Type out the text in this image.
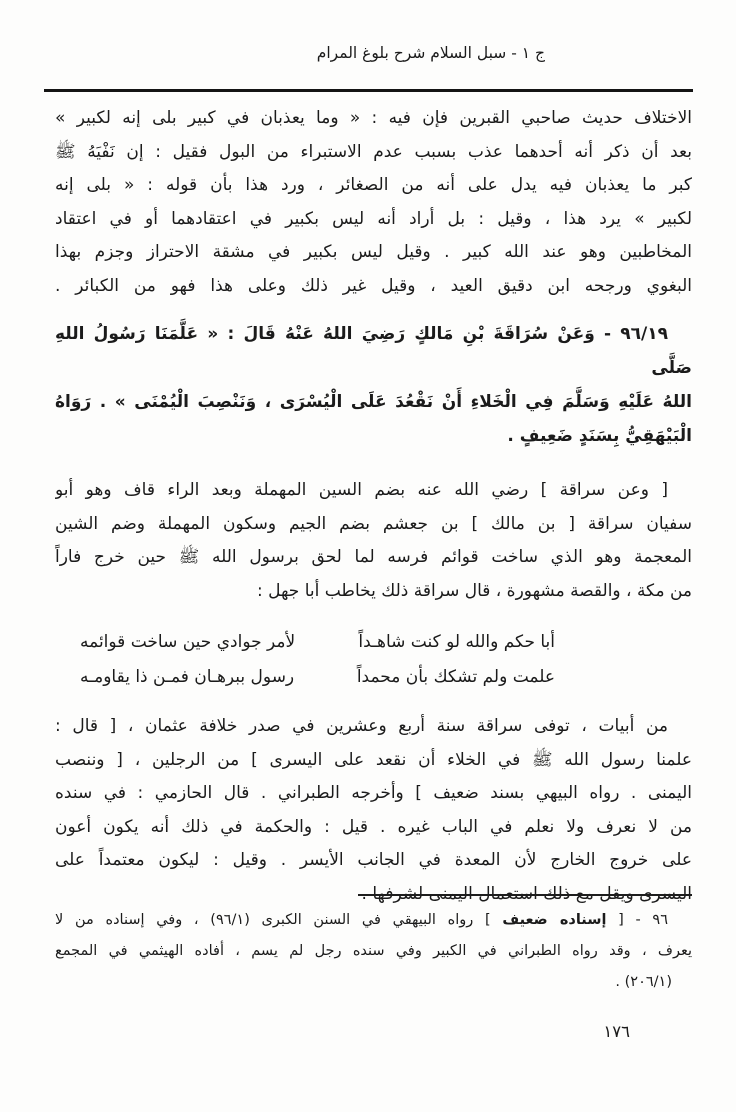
ج ١ - سبل السلام شرح بلوغ المرام
الاختلاف حديث صاحبي القبرين فإن فيه : « وما يعذبان في كبير بلى إنه لكبير »
بعد أن ذكر أنه أحدهما عذب بسبب عدم الاستبراء من البول فقيل : إن نَفْيَهُ ﷺ
كبر ما يعذبان فيه يدل على أنه من الصغائر ، ورد هذا بأن قوله : « بلى إنه
لكبير » يرد هذا ، وقيل : بل أراد أنه ليس بكبير في اعتقادهما أو في اعتقاد
المخاطبين وهو عند الله كبير . وقيل ليس بكبير في مشقة الاحتراز وجزم بهذا
البغوي ورجحه ابن دقيق العيد ، وقيل غير ذلك وعلى هذا فهو من الكبائر .
٩٦/١٩ - وَعَنْ سُرَاقَةَ بْنِ مَالكٍ رَضِيَ اللهُ عَنْهُ قَالَ : « عَلَّمَنَا رَسُولُ اللهِ صَلَّى
اللهُ عَلَيْهِ وَسَلَّمَ فِي الْخَلاءِ أَنْ نَقْعُدَ عَلَى الْيُسْرَى ، وَنَنْصِبَ الْيُمْنَى » . رَوَاهُ
الْبَيْهَقِيُّ بِسَنَدٍ ضَعِيفٍ .
[ وعن سراقة ] رضي الله عنه بضم السين المهملة وبعد الراء قاف وهو أبو
سفيان سراقة [ بن مالك ] بن جعشم بضم الجيم وسكون المهملة وضم الشين
المعجمة وهو الذي ساخت قوائم فرسه لما لحق برسول الله ﷺ حين خرج فاراً
من مكة ، والقصة مشهورة ، قال سراقة ذلك يخاطب أبا جهل :
أبا حكم والله لو كنت شاهـداً
لأمر جوادي حين ساخت قوائمه
علمت ولم تشكك بأن محمداً
رسول ببرهـان فمـن ذا يقاومـه
من أبيات ، توفى سراقة سنة أربع وعشرين في صدر خلافة عثمان ، [ قال :
علمنا رسول الله ﷺ في الخلاء أن نقعد على اليسرى ] من الرجلين ، [ وننصب
اليمنى . رواه البيهي بسند ضعيف ] وأخرجه الطبراني . قال الحازمي : في سنده
من لا نعرف ولا نعلم في الباب غيره . قيل : والحكمة في ذلك أنه يكون أعون
على خروج الخارج لأن المعدة في الجانب الأيسر . وقيل : ليكون معتمداً على
اليسرى ويقل مع ذلك استعمال اليمنى لشرفها .
٩٦ - [ إسناده ضعيف ] رواه البيهقي في السنن الكبرى (٩٦/١) ، وفي إسناده من لا
يعرف ، وقد رواه الطبراني في الكبير وفي سنده رجل لم يسم ، أفاده الهيثمي في المجمع
(٢٠٦/١) .
١٧٦
